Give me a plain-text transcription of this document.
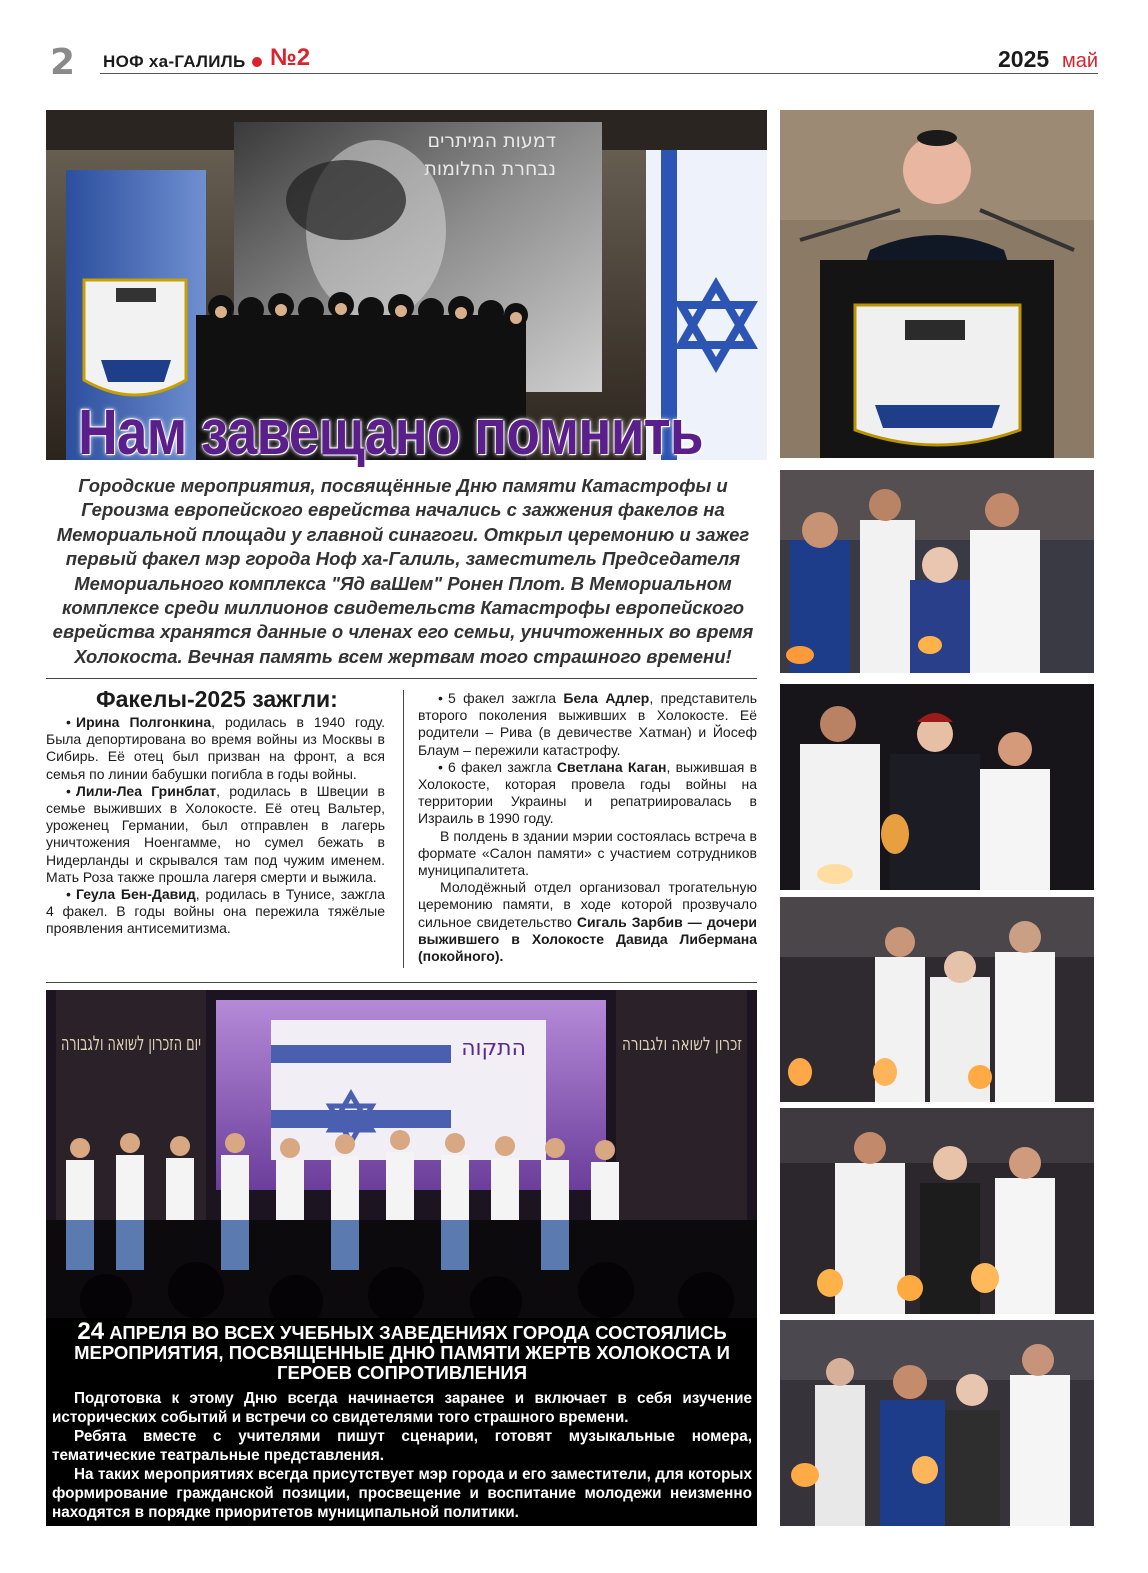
2 НОФ ха-ГАЛИЛЬ №2	2025 май
דמעות המיתרים
נבחרת החלומות
Нам завещано помнить
Городские мероприятия, посвящённые Дню памяти Катастрофы и Героизма европейского еврейства начались с зажжения факелов на Мемориальной площади у главной синагоги. Открыл церемонию и зажег первый факел мэр города Ноф ха-Галиль, заместитель Председателя Мемориального комплекса "Яд ваШем" Ронен Плот. В Мемориальном комплексе среди миллионов свидетельств Катастрофы европейского еврейства хранятся данные о членах его семьи, уничтоженных во время Холокоста. Вечная память всем жертвам того страшного времени!
Факелы-2025 зажгли:

• Ирина Полгонкина, родилась в 1940 году. Была депортирована во время войны из Москвы в Сибирь. Её отец был призван на фронт, а вся семья по линии бабушки погибла в годы войны.

• Лили-Леа Гринблат, родилась в Швеции в семье выживших в Холокосте. Её отец Вальтер, уроженец Германии, был отправлен в лагерь уничтожения Ноенгамме, но сумел бежать в Нидерланды и скрывался там под чужим именем. Мать Роза также прошла лагеря смерти и выжила.

• Геула Бен-Давид, родилась в Тунисе, зажгла 4 факел. В годы войны она пережила тяжёлые проявления антисемитизма.

• 5 факел зажгла Бела Адлер, представитель второго поколения выживших в Холокосте. Её родители – Рива (в девичестве Хатман) и Йосеф Блаум – пережили катастрофу.

• 6 факел зажгла Светлана Каган, выжившая в Холокосте, которая провела годы войны на территории Украины и репатриировалась в Израиль в 1990 году.

В полдень в здании мэрии состоялась встреча в формате «Салон памяти» с участием сотрудников муниципалитета.

Молодёжный отдел организовал трогательную церемонию памяти, в ходе которой прозвучало сильное свидетельство Сигаль Зарбив — дочери выжившего в Холокосте Давида Либермана (покойного).

התקוה
יום הזכרון לשואה ולגבורה	זכרון לשואה ולגבורה
24 АПРЕЛЯ ВО ВСЕХ УЧЕБНЫХ ЗАВЕДЕНИЯХ ГОРОДА СОСТОЯЛИСЬ МЕРОПРИЯТИЯ, ПОСВЯЩЕННЫЕ ДНЮ ПАМЯТИ ЖЕРТВ ХОЛОКОСТА И ГЕРОЕВ СОПРОТИВЛЕНИЯ

Подготовка к этому Дню всегда начинается заранее и включает в себя изучение исторических событий и встречи со свидетелями того страшного времени.

Ребята вместе с учителями пишут сценарии, готовят музыкальные номера, тематические театральные представления.

На таких мероприятиях всегда присутствует мэр города и его заместители, для которых формирование гражданской позиции, просвещение и воспитание молодежи неизменно находятся в порядке приоритетов муниципальной политики.
